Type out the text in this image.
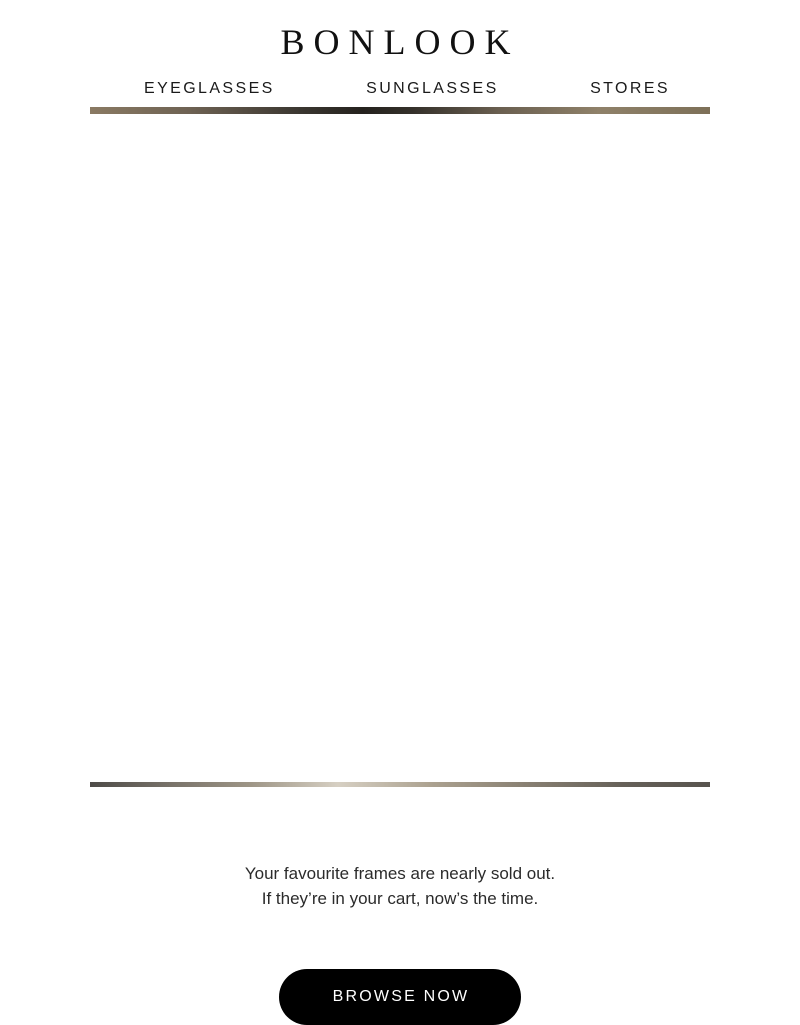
BONLOOK
EYEGLASSES	SUNGLASSES	STORES
Your favourite frames are nearly sold out.
If they’re in your cart, now’s the time.
BROWSE NOW
